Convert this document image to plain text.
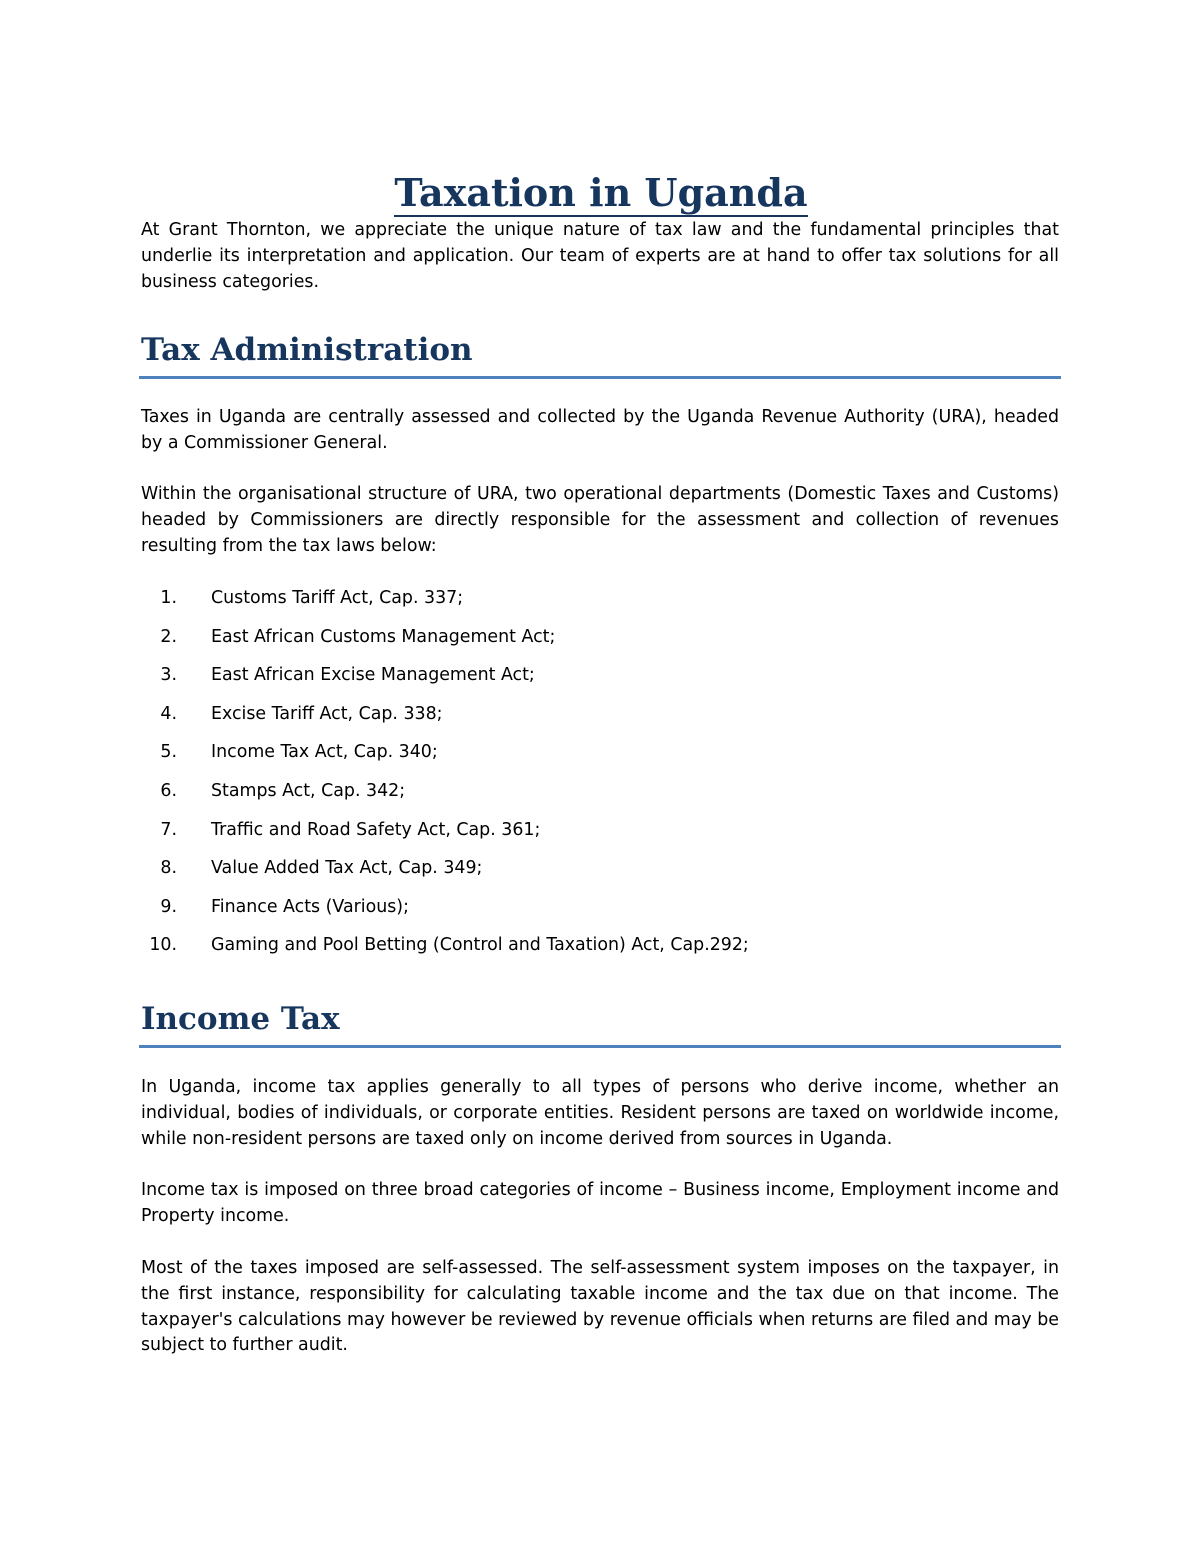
Taxation in Uganda

At Grant Thornton, we appreciate the unique nature of tax law and the fundamental principles that underlie its interpretation and application. Our team of experts are at hand to offer tax solutions for all business categories.

Tax Administration

Taxes in Uganda are centrally assessed and collected by the Uganda Revenue Authority (URA), headed by a Commissioner General.

Within the organisational structure of URA, two operational departments (Domestic Taxes and Customs) headed by Commissioners are directly responsible for the assessment and collection of revenues resulting from the tax laws below:

1. Customs Tariff Act, Cap. 337;
2. East African Customs Management Act;
3. East African Excise Management Act;
4. Excise Tariff Act, Cap. 338;
5. Income Tax Act, Cap. 340;
6. Stamps Act, Cap. 342;
7. Traffic and Road Safety Act, Cap. 361;
8. Value Added Tax Act, Cap. 349;
9. Finance Acts (Various);
10. Gaming and Pool Betting (Control and Taxation) Act, Cap.292;
Income Tax

In Uganda, income tax applies generally to all types of persons who derive income, whether an individual, bodies of individuals, or corporate entities. Resident persons are taxed on worldwide income, while non-resident persons are taxed only on income derived from sources in Uganda.

Income tax is imposed on three broad categories of income – Business income, Employment income and Property income.

Most of the taxes imposed are self-assessed. The self-assessment system imposes on the taxpayer, in the first instance, responsibility for calculating taxable income and the tax due on that income. The taxpayer's calculations may however be reviewed by revenue officials when returns are filed and may be subject to further audit.
